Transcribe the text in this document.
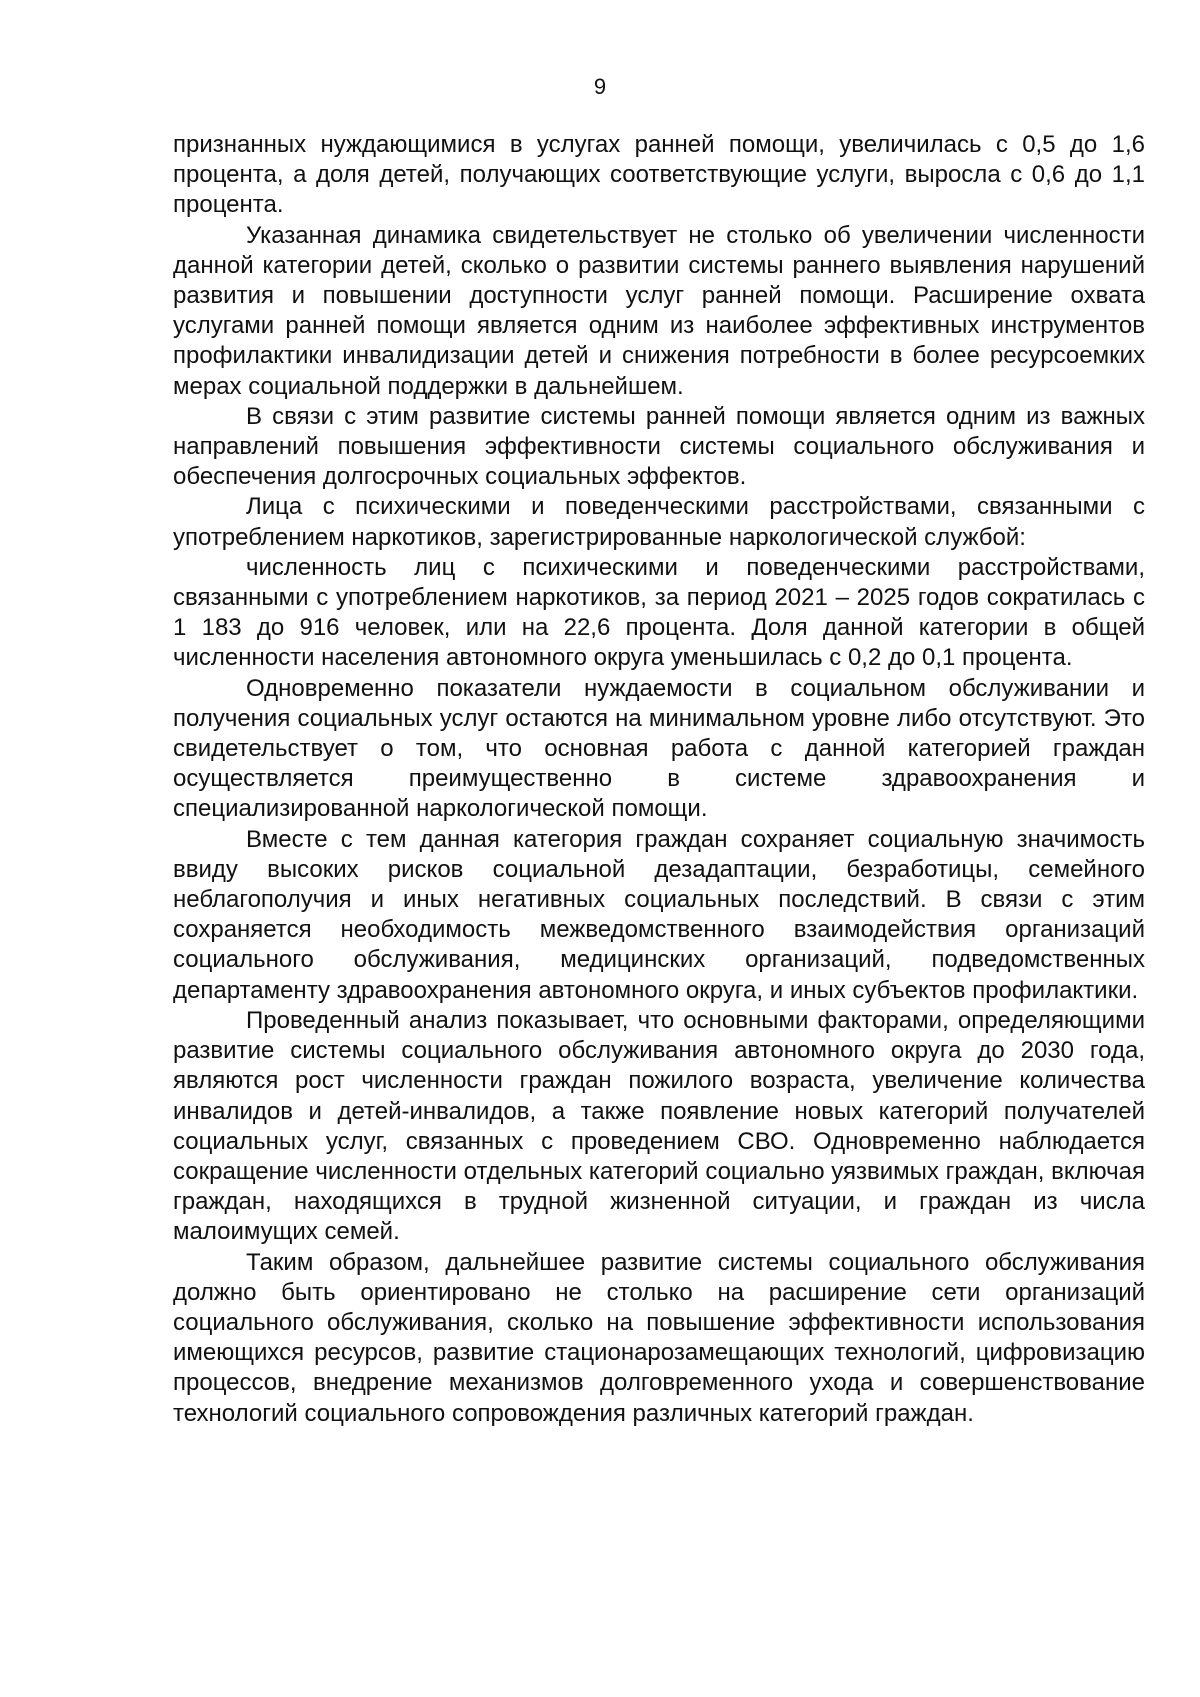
9

признанных нуждающимися в услугах ранней помощи, увеличилась с 0,5 до 1,6 процента, а доля детей, получающих соответствующие услуги, выросла с 0,6 до 1,1 процента.

Указанная динамика свидетельствует не столько об увеличении численности данной категории детей, сколько о развитии системы раннего выявления нарушений развития и повышении доступности услуг ранней помощи. Расширение охвата услугами ранней помощи является одним из наиболее эффективных инструментов профилактики инвалидизации детей и снижения потребности в более ресурсоемких мерах социальной поддержки в дальнейшем.

В связи с этим развитие системы ранней помощи является одним из важных направлений повышения эффективности системы социального обслуживания и обеспечения долгосрочных социальных эффектов.

Лица с психическими и поведенческими расстройствами, связанными с употреблением наркотиков, зарегистрированные наркологической службой:

численность лиц с психическими и поведенческими расстройствами, связанными с употреблением наркотиков, за период 2021 – 2025 годов сократилась с 1 183 до 916 человек, или на 22,6 процента. Доля данной категории в общей численности населения автономного округа уменьшилась с 0,2 до 0,1 процента.

Одновременно показатели нуждаемости в социальном обслуживании и получения социальных услуг остаются на минимальном уровне либо отсутствуют. Это свидетельствует о том, что основная работа с данной категорией граждан осуществляется преимущественно в системе здравоохранения и специализированной наркологической помощи.

Вместе с тем данная категория граждан сохраняет социальную значимость ввиду высоких рисков социальной дезадаптации, безработицы, семейного неблагополучия и иных негативных социальных последствий. В связи с этим сохраняется необходимость межведомственного взаимодействия организаций социального обслуживания, медицинских организаций, подведомственных департаменту здравоохранения автономного округа, и иных субъектов профилактики.

Проведенный анализ показывает, что основными факторами, определяющими развитие системы социального обслуживания автономного округа до 2030 года, являются рост численности граждан пожилого возраста, увеличение количества инвалидов и детей-инвалидов, а также появление новых категорий получателей социальных услуг, связанных с проведением СВО. Одновременно наблюдается сокращение численности отдельных категорий социально уязвимых граждан, включая граждан, находящихся в трудной жизненной ситуации, и граждан из числа малоимущих семей.

Таким образом, дальнейшее развитие системы социального обслуживания должно быть ориентировано не столько на расширение сети организаций социального обслуживания, сколько на повышение эффективности использования имеющихся ресурсов, развитие стационарозамещающих технологий, цифровизацию процессов, внедрение механизмов долговременного ухода и совершенствование технологий социального сопровождения различных категорий граждан.
